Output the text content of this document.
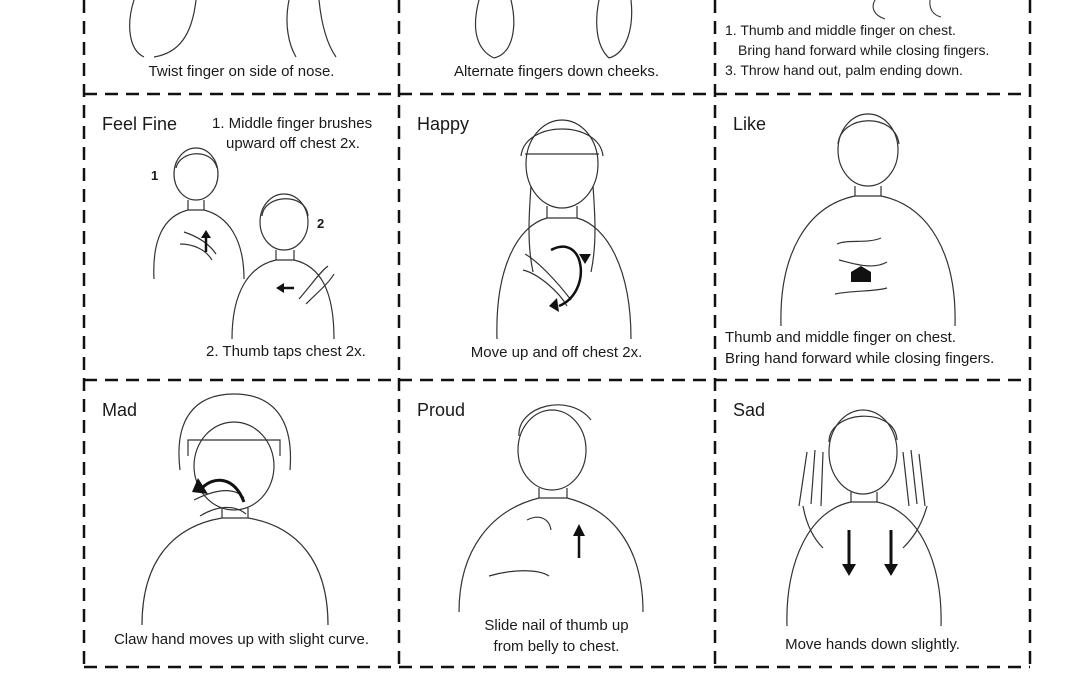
Twist finger on side of nose.	Alternate fingers down cheeks.
1. Thumb and middle finger on chest.
Bring hand forward while closing fingers.
3. Throw hand out, palm ending down.
Feel Fine 1. Middle finger brushes
upward off chest 2x.
1
2
2. Thumb taps chest 2x.
Happy
Move up and off chest 2x.
Like
Thumb and middle finger on chest.
Bring hand forward while closing fingers.
Mad
Claw hand moves up with slight curve.
Proud
Slide nail of thumb up
from belly to chest.
Sad
Move hands down slightly.
